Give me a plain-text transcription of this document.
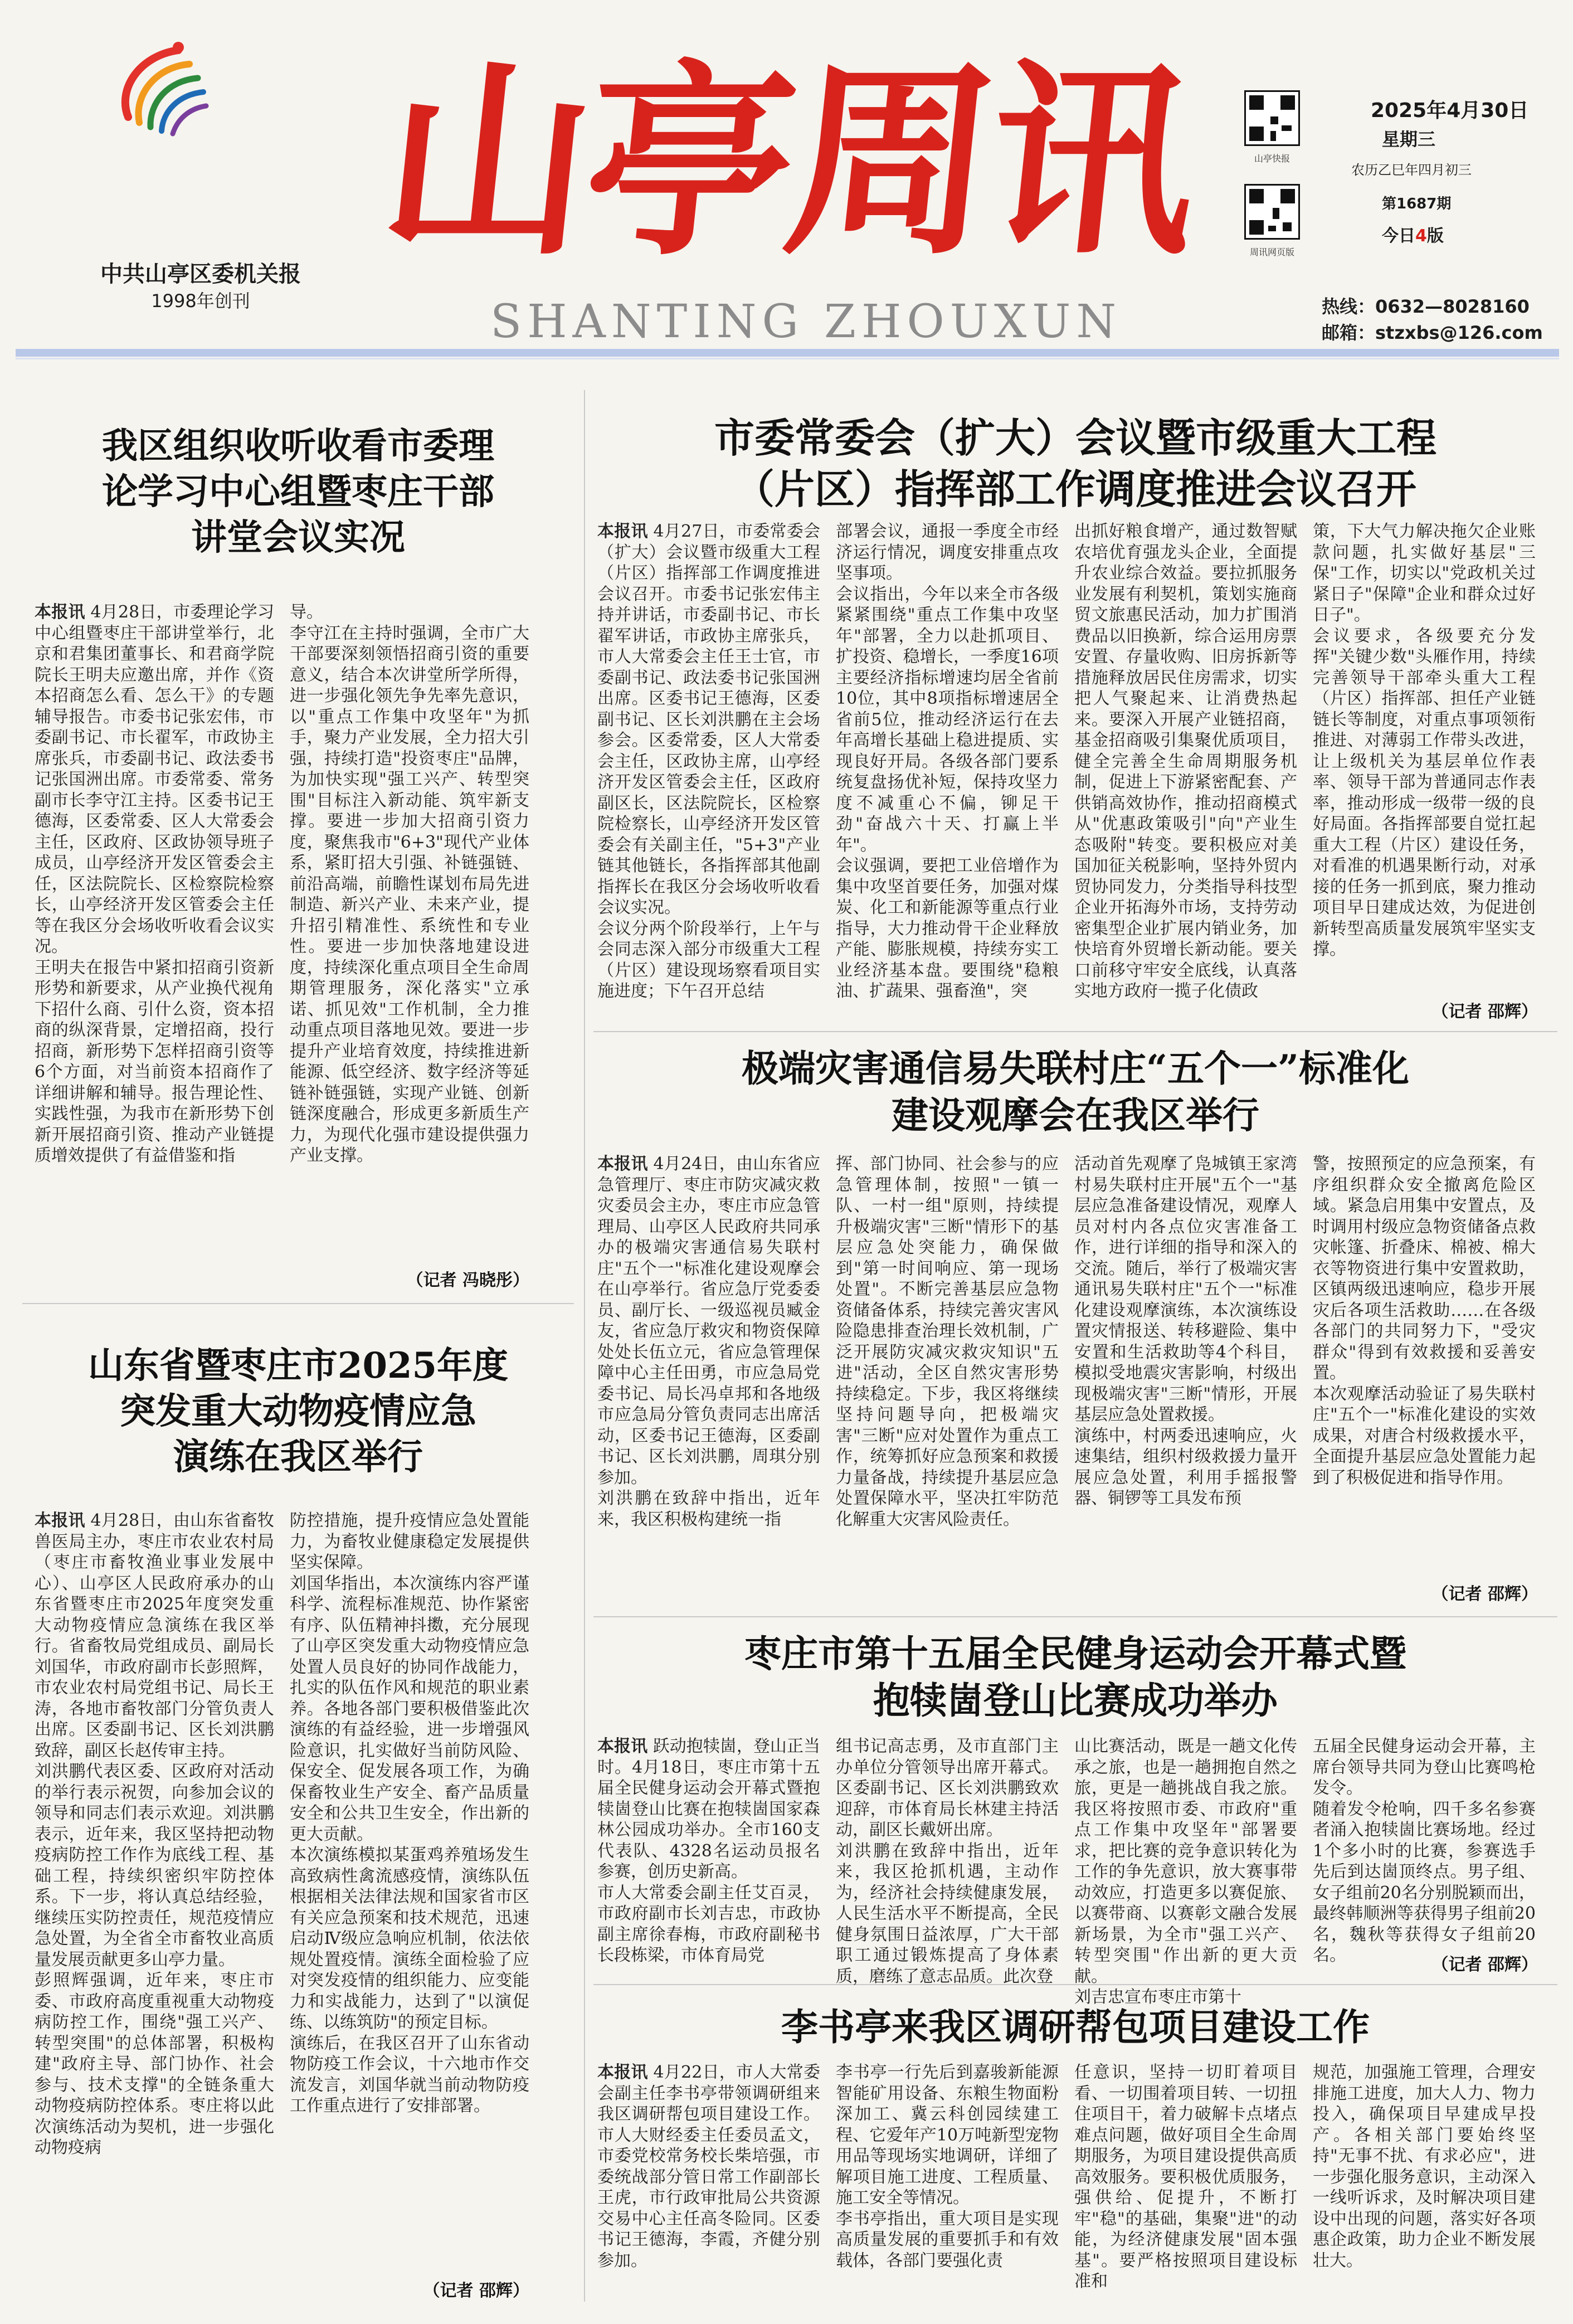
中共山亭区委机关报
1998年创刊
山亭周讯
SHANTING ZHOUXUN
山亭快报
周讯网页版
2025年4月30日
星期三
农历乙巳年四月初三
第1687期
今日4版
热线：0632—8028160
邮箱：stzxbs@126.com
我区组织收听收看市委理
论学习中心组暨枣庄干部
讲堂会议实况
本报讯 4月28日，市委理论学习中心组暨枣庄干部讲堂举行，北京和君集团董事长、和君商学院院长王明夫应邀出席，并作《资本招商怎么看、怎么干》的专题辅导报告。市委书记张宏伟，市委副书记、市长翟军，市政协主席张兵，市委副书记、政法委书记张国洲出席。市委常委、常务副市长李守江主持。区委书记王德海，区委常委、区人大常委会主任，区政府、区政协领导班子成员，山亭经济开发区管委会主任，区法院院长、区检察院检察长，山亭经济开发区管委会主任等在我区分会场收听收看会议实况。
王明夫在报告中紧扣招商引资新形势和新要求，从产业换代视角下招什么商、引什么资，资本招商的纵深背景，定增招商，投行招商，新形势下怎样招商引资等6个方面，对当前资本招商作了详细讲解和辅导。报告理论性、实践性强，为我市在新形势下创新开展招商引资、推动产业链提质增效提供了有益借鉴和指
导。
李守江在主持时强调，全市广大干部要深刻领悟招商引资的重要意义，结合本次讲堂所学所得，进一步强化领先争先率先意识，以"重点工作集中攻坚年"为抓手，聚力产业发展，全力招大引强，持续打造"投资枣庄"品牌，为加快实现"强工兴产、转型突围"目标注入新动能、筑牢新支撑。要进一步加大招商引资力度，聚焦我市"6+3"现代产业体系，紧盯招大引强、补链强链、前沿高端，前瞻性谋划布局先进制造、新兴产业、未来产业，提升招引精准性、系统性和专业性。要进一步加快落地建设进度，持续深化重点项目全生命周期管理服务，深化落实"立承诺、抓见效"工作机制，全力推动重点项目落地见效。要进一步提升产业培育效度，持续推进新能源、低空经济、数字经济等延链补链强链，实现产业链、创新链深度融合，形成更多新质生产力，为现代化强市建设提供强力产业支撑。
（记者 冯晓彤）
山东省暨枣庄市2025年度
突发重大动物疫情应急
演练在我区举行
本报讯 4月28日，由山东省畜牧兽医局主办，枣庄市农业农村局（枣庄市畜牧渔业事业发展中心）、山亭区人民政府承办的山东省暨枣庄市2025年度突发重大动物疫情应急演练在我区举行。省畜牧局党组成员、副局长刘国华，市政府副市长彭照辉，市农业农村局党组书记、局长王涛，各地市畜牧部门分管负责人出席。区委副书记、区长刘洪鹏致辞，副区长赵传审主持。
刘洪鹏代表区委、区政府对活动的举行表示祝贺，向参加会议的领导和同志们表示欢迎。刘洪鹏表示，近年来，我区坚持把动物疫病防控工作作为底线工程、基础工程，持续织密织牢防控体系。下一步，将认真总结经验，继续压实防控责任，规范疫情应急处置，为全省全市畜牧业高质量发展贡献更多山亭力量。
彭照辉强调，近年来，枣庄市委、市政府高度重视重大动物疫病防控工作，围绕"强工兴产、转型突围"的总体部署，积极构建"政府主导、部门协作、社会参与、技术支撑"的全链条重大动物疫病防控体系。枣庄将以此次演练活动为契机，进一步强化动物疫病
防控措施，提升疫情应急处置能力，为畜牧业健康稳定发展提供坚实保障。
刘国华指出，本次演练内容严谨科学、流程标准规范、协作紧密有序、队伍精神抖擞，充分展现了山亭区突发重大动物疫情应急处置人员良好的协同作战能力，扎实的队伍作风和规范的职业素养。各地各部门要积极借鉴此次演练的有益经验，进一步增强风险意识，扎实做好当前防风险、保安全、促发展各项工作，为确保畜牧业生产安全、畜产品质量安全和公共卫生安全，作出新的更大贡献。
本次演练模拟某蛋鸡养殖场发生高致病性禽流感疫情，演练队伍根据相关法律法规和国家省市区有关应急预案和技术规范，迅速启动Ⅳ级应急响应机制，依法依规处置疫情。演练全面检验了应对突发疫情的组织能力、应变能力和实战能力，达到了"以演促练、以练筑防"的预定目标。
演练后，在我区召开了山东省动物防疫工作会议，十六地市作交流发言，刘国华就当前动物防疫工作重点进行了安排部署。
（记者 邵辉）
市委常委会（扩大）会议暨市级重大工程
（片区）指挥部工作调度推进会议召开
本报讯 4月27日，市委常委会（扩大）会议暨市级重大工程（片区）指挥部工作调度推进会议召开。市委书记张宏伟主持并讲话，市委副书记、市长翟军讲话，市政协主席张兵，市人大常委会主任王士官，市委副书记、政法委书记张国洲出席。区委书记王德海，区委副书记、区长刘洪鹏在主会场参会。区委常委，区人大常委会主任，区政协主席，山亭经济开发区管委会主任，区政府副区长，区法院院长，区检察院检察长，山亭经济开发区管委会有关副主任，"5+3"产业链其他链长，各指挥部其他副指挥长在我区分会场收听收看会议实况。
会议分两个阶段举行，上午与会同志深入部分市级重大工程（片区）建设现场察看项目实施进度；下午召开总结
部署会议，通报一季度全市经济运行情况，调度安排重点攻坚事项。
会议指出，今年以来全市各级紧紧围绕"重点工作集中攻坚年"部署，全力以赴抓项目、扩投资、稳增长，一季度16项主要经济指标增速均居全省前10位，其中8项指标增速居全省前5位，推动经济运行在去年高增长基础上稳进提质、实现良好开局。各级各部门要系统复盘扬优补短，保持攻坚力度不减重心不偏，铆足干劲"奋战六十天、打赢上半年"。
会议强调，要把工业倍增作为集中攻坚首要任务，加强对煤炭、化工和新能源等重点行业指导，大力推动骨干企业释放产能、膨胀规模，持续夯实工业经济基本盘。要围绕"稳粮油、扩蔬果、强畜渔"，突
出抓好粮食增产，通过数智赋农培优育强龙头企业，全面提升农业综合效益。要拉抓服务业发展有利契机，策划实施商贸文旅惠民活动，加力扩围消费品以旧换新，综合运用房票安置、存量收购、旧房拆新等措施释放居民住房需求，切实把人气聚起来、让消费热起来。要深入开展产业链招商，基金招商吸引集聚优质项目，健全完善全生命周期服务机制，促进上下游紧密配套、产供销高效协作，推动招商模式从"优惠政策吸引"向"产业生态吸附"转变。要积极应对美国加征关税影响，坚持外贸内贸协同发力，分类指导科技型企业开拓海外市场，支持劳动密集型企业扩展内销业务，加快培育外贸增长新动能。要关口前移守牢安全底线，认真落实地方政府一揽子化债政
策，下大气力解决拖欠企业账款问题，扎实做好基层"三保"工作，切实以"党政机关过紧日子"保障"企业和群众过好日子"。
会议要求，各级要充分发挥"关键少数"头雁作用，持续完善领导干部牵头重大工程（片区）指挥部、担任产业链链长等制度，对重点事项领衔推进、对薄弱工作带头改进，让上级机关为基层单位作表率、领导干部为普通同志作表率，推动形成一级带一级的良好局面。各指挥部要自觉扛起重大工程（片区）建设任务，对看准的机遇果断行动，对承接的任务一抓到底，聚力推动项目早日建成达效，为促进创新转型高质量发展筑牢坚实支撑。
（记者 邵辉）
极端灾害通信易失联村庄“五个一”标准化
建设观摩会在我区举行
本报讯 4月24日，由山东省应急管理厅、枣庄市防灾减灾救灾委员会主办，枣庄市应急管理局、山亭区人民政府共同承办的极端灾害通信易失联村庄"五个一"标准化建设观摩会在山亭举行。省应急厅党委委员、副厅长、一级巡视员臧金友，省应急厅救灾和物资保障处处长伍立元，省应急管理保障中心主任田勇，市应急局党委书记、局长冯卓邦和各地级市应急局分管负责同志出席活动，区委书记王德海，区委副书记、区长刘洪鹏，周琪分别参加。
刘洪鹏在致辞中指出，近年来，我区积极构建统一指
挥、部门协同、社会参与的应急管理体制，按照"一镇一队、一村一组"原则，持续提升极端灾害"三断"情形下的基层应急处突能力，确保做到"第一时间响应、第一现场处置"。不断完善基层应急物资储备体系，持续完善灾害风险隐患排查治理长效机制，广泛开展防灾减灾救灾知识"五进"活动，全区自然灾害形势持续稳定。下步，我区将继续坚持问题导向，把极端灾害"三断"应对处置作为重点工作，统筹抓好应急预案和救援力量备战，持续提升基层应急处置保障水平，坚决扛牢防范化解重大灾害风险责任。
活动首先观摩了凫城镇王家湾村易失联村庄开展"五个一"基层应急准备建设情况，观摩人员对村内各点位灾害准备工作，进行详细的指导和深入的交流。随后，举行了极端灾害通讯易失联村庄"五个一"标准化建设观摩演练，本次演练设置灾情报送、转移避险、集中安置和生活救助等4个科目，模拟受地震灾害影响，村级出现极端灾害"三断"情形，开展基层应急处置救援。
演练中，村两委迅速响应，火速集结，组织村级救援力量开展应急处置，利用手摇报警器、铜锣等工具发布预
警，按照预定的应急预案，有序组织群众安全撤离危险区域。紧急启用集中安置点，及时调用村级应急物资储备点救灾帐篷、折叠床、棉被、棉大衣等物资进行集中安置救助，区镇两级迅速响应，稳步开展灾后各项生活救助……在各级各部门的共同努力下，"受灾群众"得到有效救援和妥善安置。
本次观摩活动验证了易失联村庄"五个一"标准化建设的实效成果，对唐合村级救援水平，全面提升基层应急处置能力起到了积极促进和指导作用。
（记者 邵辉）
枣庄市第十五届全民健身运动会开幕式暨
抱犊崮登山比赛成功举办
本报讯 跃动抱犊崮，登山正当时。4月18日，枣庄市第十五届全民健身运动会开幕式暨抱犊崮登山比赛在抱犊崮国家森林公园成功举办。全市160支代表队、4328名运动员报名参赛，创历史新高。
市人大常委会副主任艾百灵，市政府副市长刘吉忠，市政协副主席徐春梅，市政府副秘书长段栋梁，市体育局党
组书记高志勇，及市直部门主办单位分管领导出席开幕式。区委副书记、区长刘洪鹏致欢迎辞，市体育局长林建主持活动，副区长戴妍出席。
刘洪鹏在致辞中指出，近年来，我区抢抓机遇，主动作为，经济社会持续健康发展，人民生活水平不断提高，全民健身氛围日益浓厚，广大干部职工通过锻炼提高了身体素质，磨练了意志品质。此次登
山比赛活动，既是一趟文化传承之旅，也是一趟拥抱自然之旅，更是一趟挑战自我之旅。我区将按照市委、市政府"重点工作集中攻坚年"部署要求，把比赛的竞争意识转化为工作的争先意识，放大赛事带动效应，打造更多以赛促旅、以赛带商、以赛彰文融合发展新场景，为全市"强工兴产、转型突围"作出新的更大贡献。
刘吉忠宣布枣庄市第十
五届全民健身运动会开幕，主席台领导共同为登山比赛鸣枪发令。
随着发令枪响，四千多名参赛者涌入抱犊崮比赛场地。经过1个多小时的比赛，参赛选手先后到达崮顶终点。男子组、女子组前20名分别脱颖而出，最终韩顺洲等获得男子组前20名，魏秋等获得女子组前20名。	（记者 邵辉）
李书亭来我区调研帮包项目建设工作
本报讯 4月22日，市人大常委会副主任李书亭带领调研组来我区调研帮包项目建设工作。市人大财经委主任委员孟文，市委党校常务校长柴培强，市委统战部分管日常工作副部长王虎，市行政审批局公共资源交易中心主任高冬险同。区委书记王德海，李霞，齐健分别参加。
李书亭一行先后到嘉骏新能源智能矿用设备、东粮生物面粉深加工、冀云科创园续建工程、它爱年产10万吨新型宠物用品等现场实地调研，详细了解项目施工进度、工程质量、施工安全等情况。
李书亭指出，重大项目是实现高质量发展的重要抓手和有效载体，各部门要强化责
任意识，坚持一切盯着项目看、一切围着项目转、一切扭住项目干，着力破解卡点堵点难点问题，做好项目全生命周期服务，为项目建设提供高质高效服务。要积极优质服务，强供给、促提升，不断打牢"稳"的基础，集聚"进"的动能，为经济健康发展"固本强基"。要严格按照项目建设标准和
规范，加强施工管理，合理安排施工进度，加大人力、物力投入，确保项目早建成早投产。各相关部门要始终坚持"无事不扰、有求必应"，进一步强化服务意识，主动深入一线听诉求，及时解决项目建设中出现的问题，落实好各项惠企政策，助力企业不断发展壮大。
